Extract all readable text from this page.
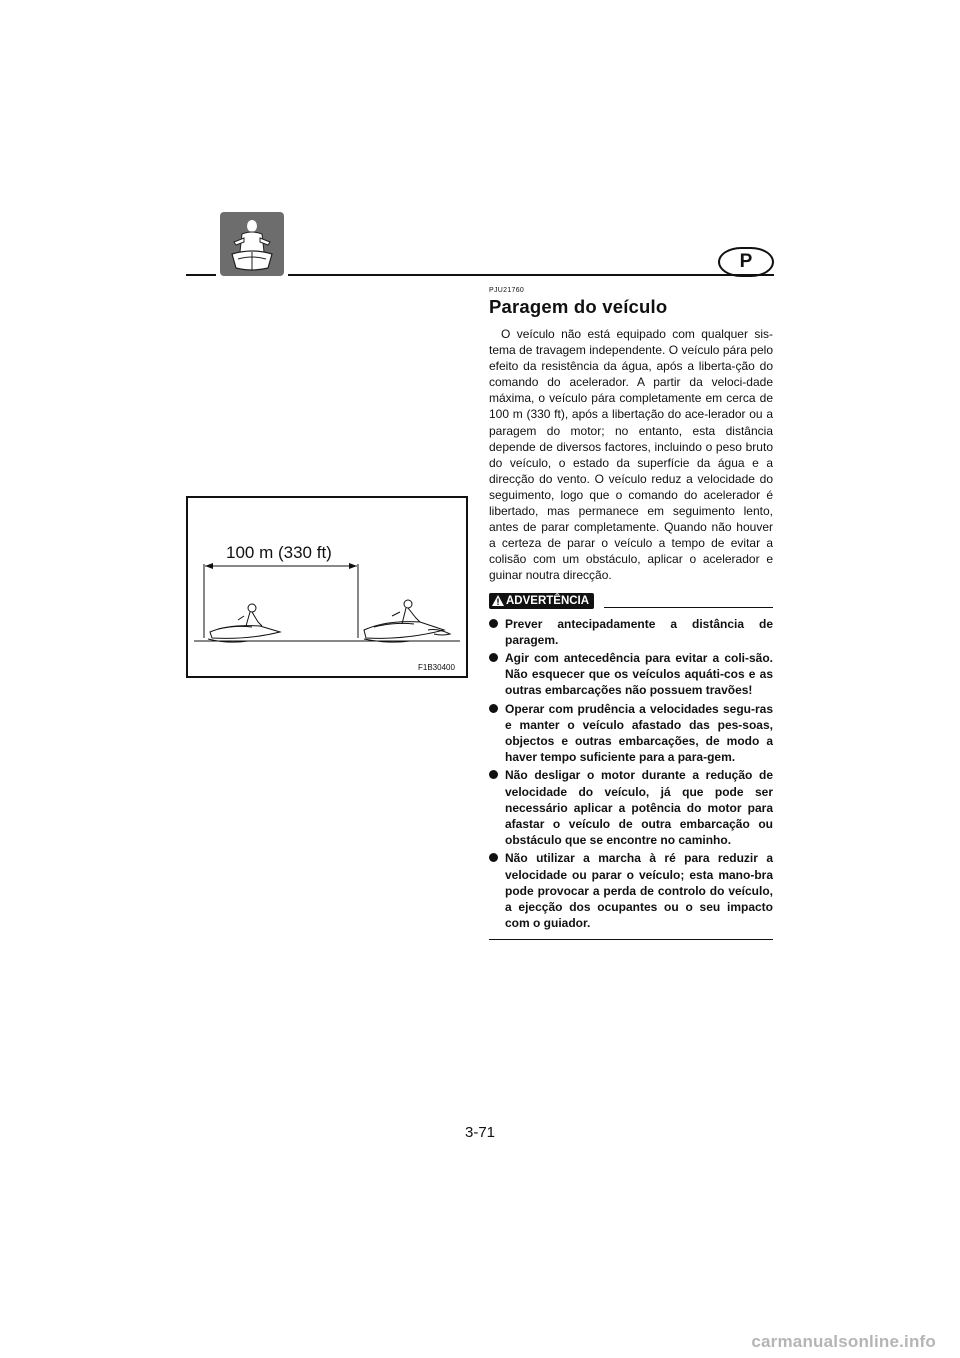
P
100 m (330 ft)
F1B30400
PJU21760
Paragem do veículo

O veículo não está equipado com qualquer sis-tema de travagem independente. O veículo pára pelo efeito da resistência da água, após a liberta-ção do comando do acelerador. A partir da veloci-dade máxima, o veículo pára completamente em cerca de 100 m (330 ft), após a libertação do ace-lerador ou a paragem do motor; no entanto, esta distância depende de diversos factores, incluindo o peso bruto do veículo, o estado da superfície da água e a direcção do vento. O veículo reduz a velocidade do seguimento, logo que o comando do acelerador é libertado, mas permanece em seguimento lento, antes de parar completamente. Quando não houver a certeza de parar o veículo a tempo de evitar a colisão com um obstáculo, aplicar o acelerador e guinar noutra direcção.

ADVERTÊNCIA
Prever antecipadamente a distância de paragem.
Agir com antecedência para evitar a coli-são. Não esquecer que os veículos aquáti-cos e as outras embarcações não possuem travões!
Operar com prudência a velocidades segu-ras e manter o veículo afastado das pes-soas, objectos e outras embarcações, de modo a haver tempo suficiente para a para-gem.
Não desligar o motor durante a redução de velocidade do veículo, já que pode ser necessário aplicar a potência do motor para afastar o veículo de outra embarcação ou obstáculo que se encontre no caminho.
Não utilizar a marcha à ré para reduzir a velocidade ou parar o veículo; esta mano-bra pode provocar a perda de controlo do veículo, a ejecção dos ocupantes ou o seu impacto com o guiador.
3-71
carmanualsonline.info
